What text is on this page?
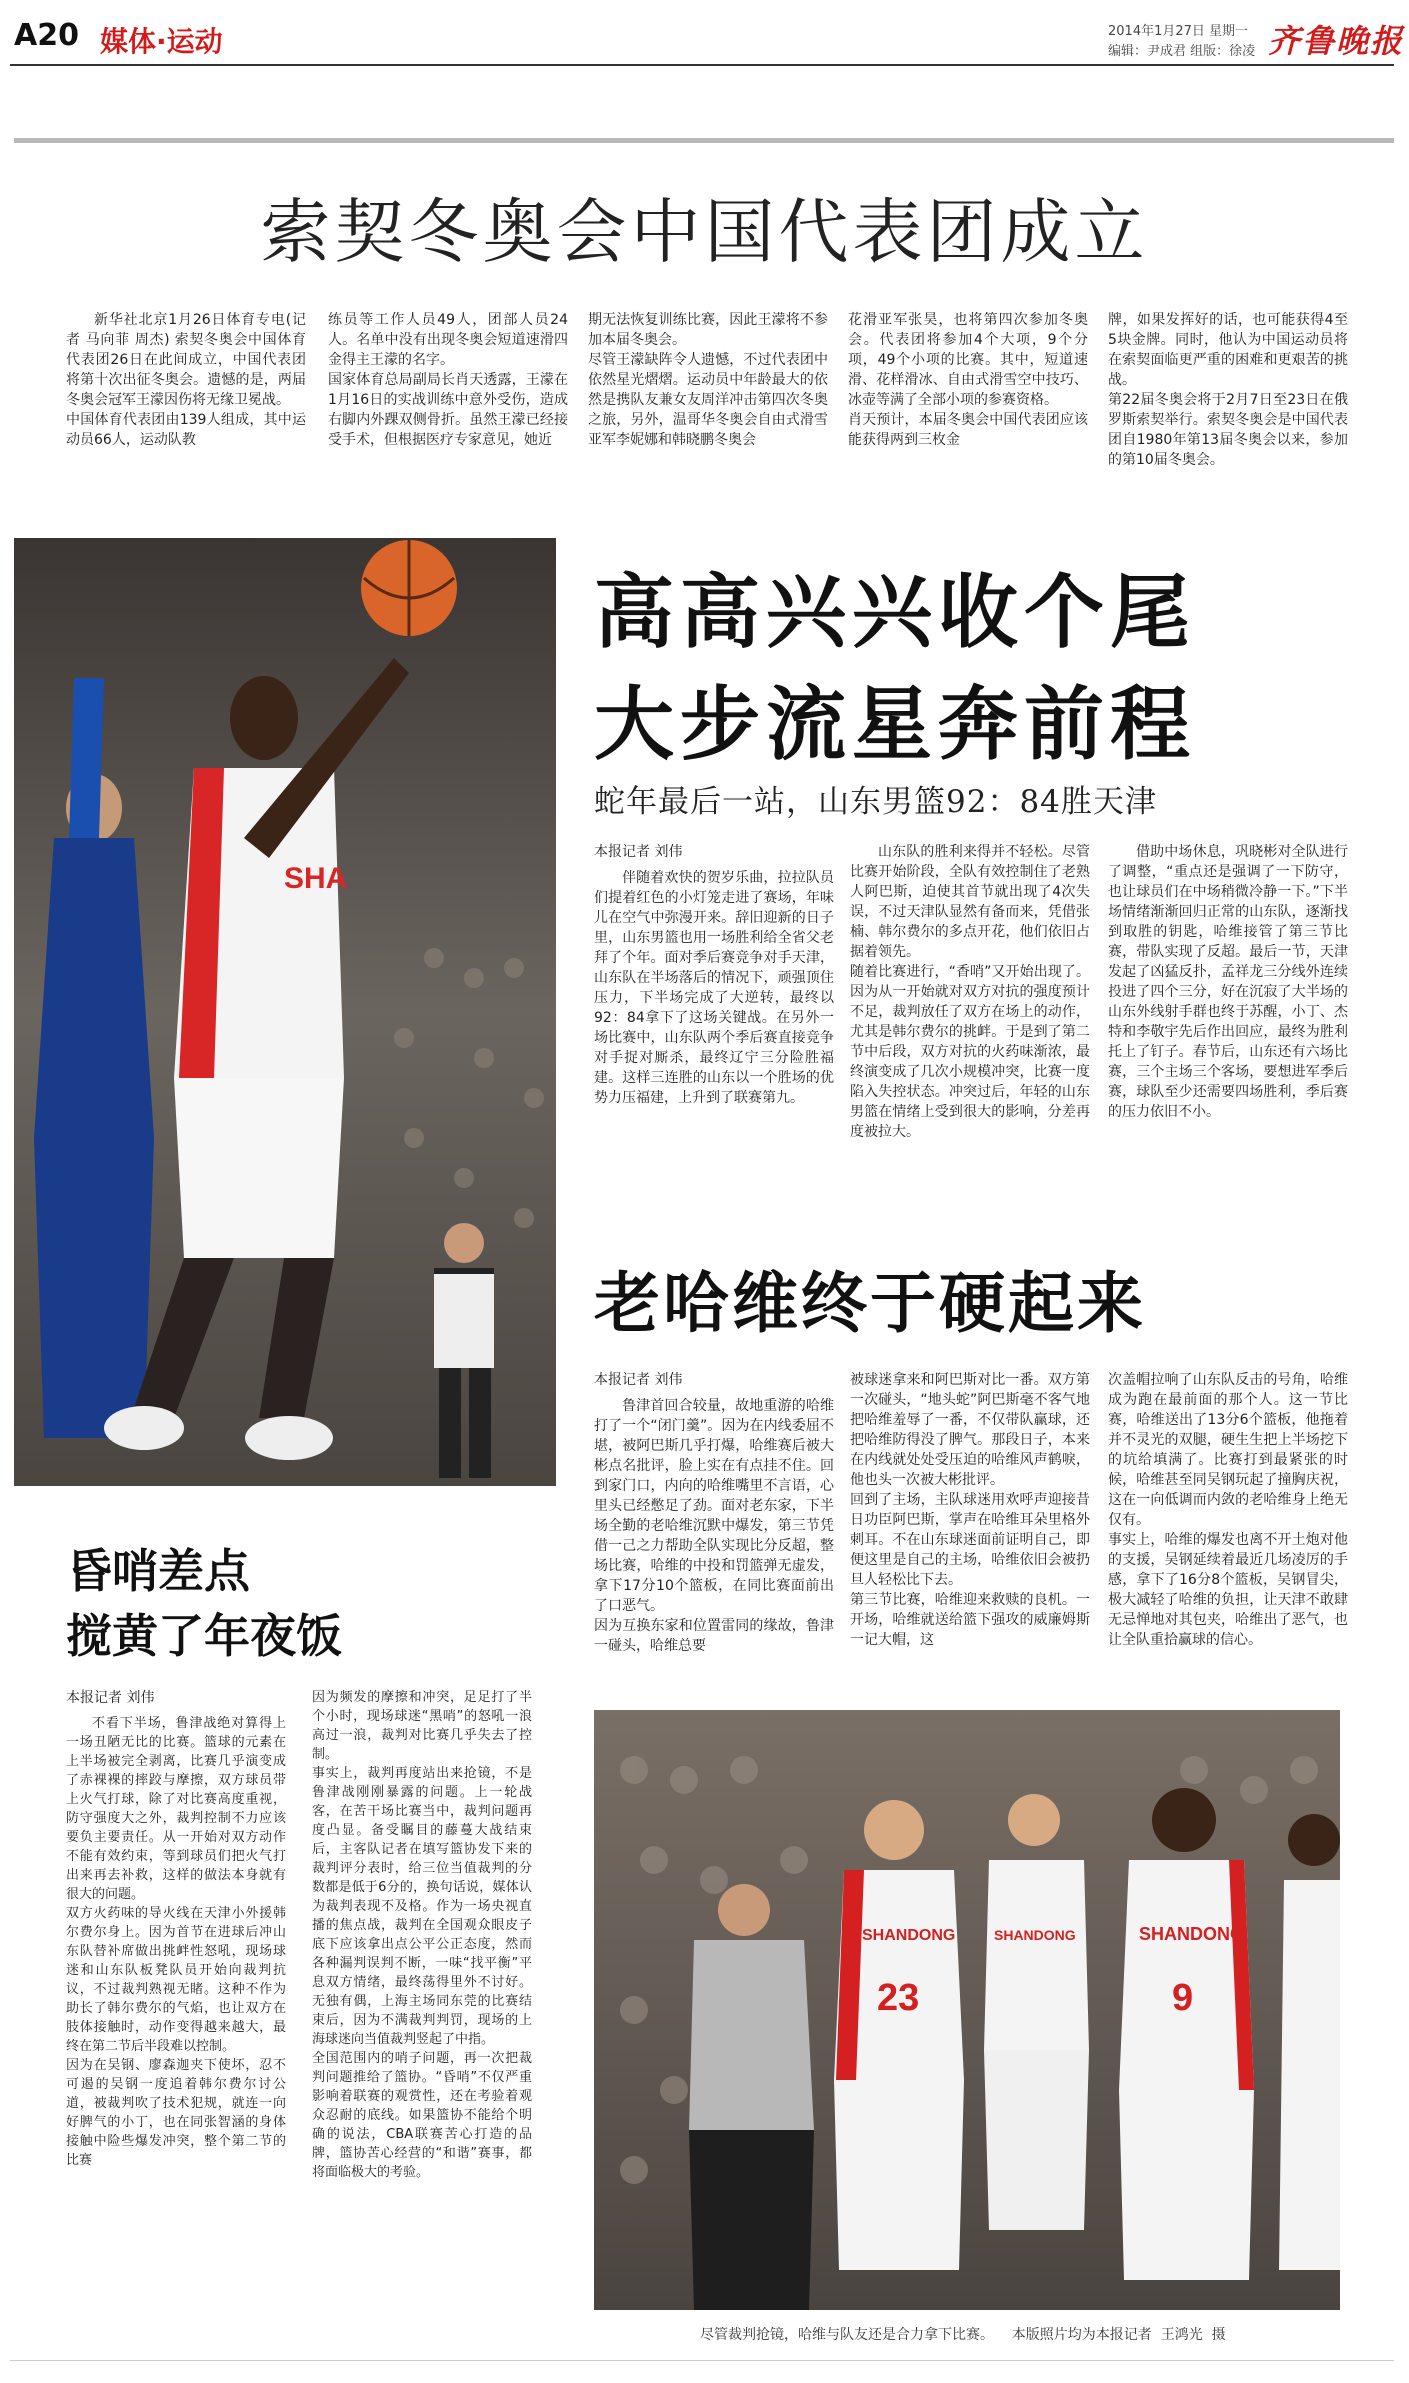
A20 媒体·运动	2014年1月27日 星期一
编辑：尹成君 组版：徐凌 齐鲁晚报
索契冬奥会中国代表团成立

新华社北京1月26日体育专电(记者 马向菲 周杰) 索契冬奥会中国体育代表团26日在此间成立，中国代表团将第十次出征冬奥会。遗憾的是，两届冬奥会冠军王濛因伤将无缘卫冕战。
中国体育代表团由139人组成，其中运动员66人，运动队教

练员等工作人员49人，团部人员24人。名单中没有出现冬奥会短道速滑四金得主王濛的名字。
国家体育总局副局长肖天透露，王濛在1月16日的实战训练中意外受伤，造成右脚内外踝双侧骨折。虽然王濛已经接受手术，但根据医疗专家意见，她近

期无法恢复训练比赛，因此王濛将不参加本届冬奥会。
尽管王濛缺阵令人遗憾，不过代表团中依然星光熠熠。运动员中年龄最大的依然是携队友兼女友周洋冲击第四次冬奥之旅，另外，温哥华冬奥会自由式滑雪亚军李妮娜和韩晓鹏冬奥会

花滑亚军张昊，也将第四次参加冬奥会。代表团将参加4个大项，9个分项，49个小项的比赛。其中，短道速滑、花样滑冰、自由式滑雪空中技巧、冰壶等满了全部小项的参赛资格。
肖天预计，本届冬奥会中国代表团应该能获得两到三枚金

牌，如果发挥好的话，也可能获得4至5块金牌。同时，他认为中国运动员将在索契面临更严重的困难和更艰苦的挑战。
第22届冬奥会将于2月7日至23日在俄罗斯索契举行。索契冬奥会是中国代表团自1980年第13届冬奥会以来，参加的第10届冬奥会。

SHA
高高兴兴收个尾
大步流星奔前程
蛇年最后一站，山东男篮92：84胜天津
本报记者 刘伟

伴随着欢快的贺岁乐曲，拉拉队员们提着红色的小灯笼走进了赛场，年味儿在空气中弥漫开来。辞旧迎新的日子里，山东男篮也用一场胜利给全省父老拜了个年。面对季后赛竞争对手天津，山东队在半场落后的情况下，顽强顶住压力，下半场完成了大逆转，最终以92：84拿下了这场关键战。在另外一场比赛中，山东队两个季后赛直接竞争对手捉对厮杀，最终辽宁三分险胜福建。这样三连胜的山东以一个胜场的优势力压福建，上升到了联赛第九。

山东队的胜利来得并不轻松。尽管比赛开始阶段，全队有效控制住了老熟人阿巴斯，迫使其首节就出现了4次失误，不过天津队显然有备而来，凭借张楠、韩尔费尔的多点开花，他们依旧占据着领先。
随着比赛进行，“香哨”又开始出现了。因为从一开始就对双方对抗的强度预计不足，裁判放任了双方在场上的动作，尤其是韩尔费尔的挑衅。于是到了第二节中后段，双方对抗的火药味渐浓，最终演变成了几次小规模冲突，比赛一度陷入失控状态。冲突过后，年轻的山东男篮在情绪上受到很大的影响，分差再度被拉大。

借助中场休息，巩晓彬对全队进行了调整，“重点还是强调了一下防守，也让球员们在中场稍微冷静一下。”下半场情绪渐渐回归正常的山东队，逐渐找到取胜的钥匙，哈维接管了第三节比赛，带队实现了反超。最后一节，天津发起了凶猛反扑，孟祥龙三分线外连续投进了四个三分，好在沉寂了大半场的山东外线射手群也终于苏醒，小丁、杰特和李敬宇先后作出回应，最终为胜利托上了钉子。春节后，山东还有六场比赛，三个主场三个客场，要想进军季后赛，球队至少还需要四场胜利，季后赛的压力依旧不小。

老哈维终于硬起来
本报记者 刘伟

鲁津首回合较量，故地重游的哈维打了一个“闭门羹”。因为在内线委屈不堪，被阿巴斯几乎打爆，哈维赛后被大彬点名批评，脸上实在有点挂不住。回到家门口，内向的哈维嘴里不言语，心里头已经憋足了劲。面对老东家，下半场全勤的老哈维沉默中爆发，第三节凭借一己之力帮助全队实现比分反超，整场比赛，哈维的中投和罚篮弹无虚发，拿下17分10个篮板，在同比赛面前出了口恶气。
因为互换东家和位置雷同的缘故，鲁津一碰头，哈维总要

被球迷拿来和阿巴斯对比一番。双方第一次碰头，“地头蛇”阿巴斯毫不客气地把哈维羞辱了一番，不仅带队赢球，还把哈维防得没了脾气。那段日子，本来在内线就处处受压迫的哈维风声鹤唳，他也头一次被大彬批评。
回到了主场，主队球迷用欢呼声迎接昔日功臣阿巴斯，掌声在哈维耳朵里格外刺耳。不在山东球迷面前证明自己，即便这里是自己的主场，哈维依旧会被扔旦人轻松比下去。
第三节比赛，哈维迎来救赎的良机。一开场，哈维就送给篮下强攻的威廉姆斯一记大帽，这

次盖帽拉响了山东队反击的号角，哈维成为跑在最前面的那个人。这一节比赛，哈维送出了13分6个篮板，他拖着并不灵光的双腿，硬生生把上半场挖下的坑给填满了。比赛打到最紧张的时候，哈维甚至同吴钢玩起了撞胸庆祝，这在一向低调而内敛的老哈维身上绝无仅有。
事实上，哈维的爆发也离不开土炮对他的支援，吴钢延续着最近几场凌厉的手感，拿下了16分8个篮板，吴钢冒尖，极大减轻了哈维的负担，让天津不敢肆无忌惮地对其包夹，哈维出了恶气，也让全队重拾赢球的信心。

昏哨差点
搅黄了年夜饭
本报记者 刘伟

不看下半场，鲁津战绝对算得上一场丑陋无比的比赛。篮球的元素在上半场被完全剥离，比赛几乎演变成了赤裸裸的摔跤与摩擦，双方球员带上火气打球，除了对比赛高度重视，防守强度大之外，裁判控制不力应该要负主要责任。从一开始对双方动作不能有效约束，等到球员们把火气打出来再去补救，这样的做法本身就有很大的问题。
双方火药味的导火线在天津小外援韩尔费尔身上。因为首节在进球后冲山东队替补席做出挑衅性怒吼，现场球迷和山东队板凳队员开始向裁判抗议，不过裁判熟视无睹。这种不作为助长了韩尔费尔的气焰，也让双方在肢体接触时，动作变得越来越大，最终在第二节后半段难以控制。
因为在吴钢、廖森迦夹下使坏，忍不可遏的吴钢一度追着韩尔费尔讨公道，被裁判吹了技术犯规，就连一向好脾气的小丁，也在同张智涵的身体接触中险些爆发冲突，整个第二节的比赛

因为频发的摩擦和冲突，足足打了半个小时，现场球迷“黑哨”的怒吼一浪高过一浪，裁判对比赛几乎失去了控制。
事实上，裁判再度站出来抢镜，不是鲁津战刚刚暴露的问题。上一轮战客，在苦干场比赛当中，裁判问题再度凸显。备受瞩目的藤蔓大战结束后，主客队记者在填写篮协发下来的裁判评分表时，给三位当值裁判的分数都是低于6分的，换句话说，媒体认为裁判表现不及格。作为一场央视直播的焦点战，裁判在全国观众眼皮子底下应该拿出点公平公正态度，然而各种漏判误判不断，一味“找平衡”平息双方情绪，最终荡得里外不讨好。无独有偶，上海主场同东莞的比赛结束后，因为不满裁判判罚，现场的上海球迷向当值裁判竖起了中指。
全国范围内的哨子问题，再一次把裁判问题推给了篮协。“昏哨”不仅严重影响着联赛的观赏性，还在考验着观众忍耐的底线。如果篮协不能给个明确的说法，CBA联赛苦心打造的品牌，篮协苦心经营的“和谐”赛事，都将面临极大的考验。

SHANDONG
23
SHANDONG	SHANDONG
9
尽管裁判抢镜，哈维与队友还是合力拿下比赛。    本版照片均为本报记者  王鸿光  摄
